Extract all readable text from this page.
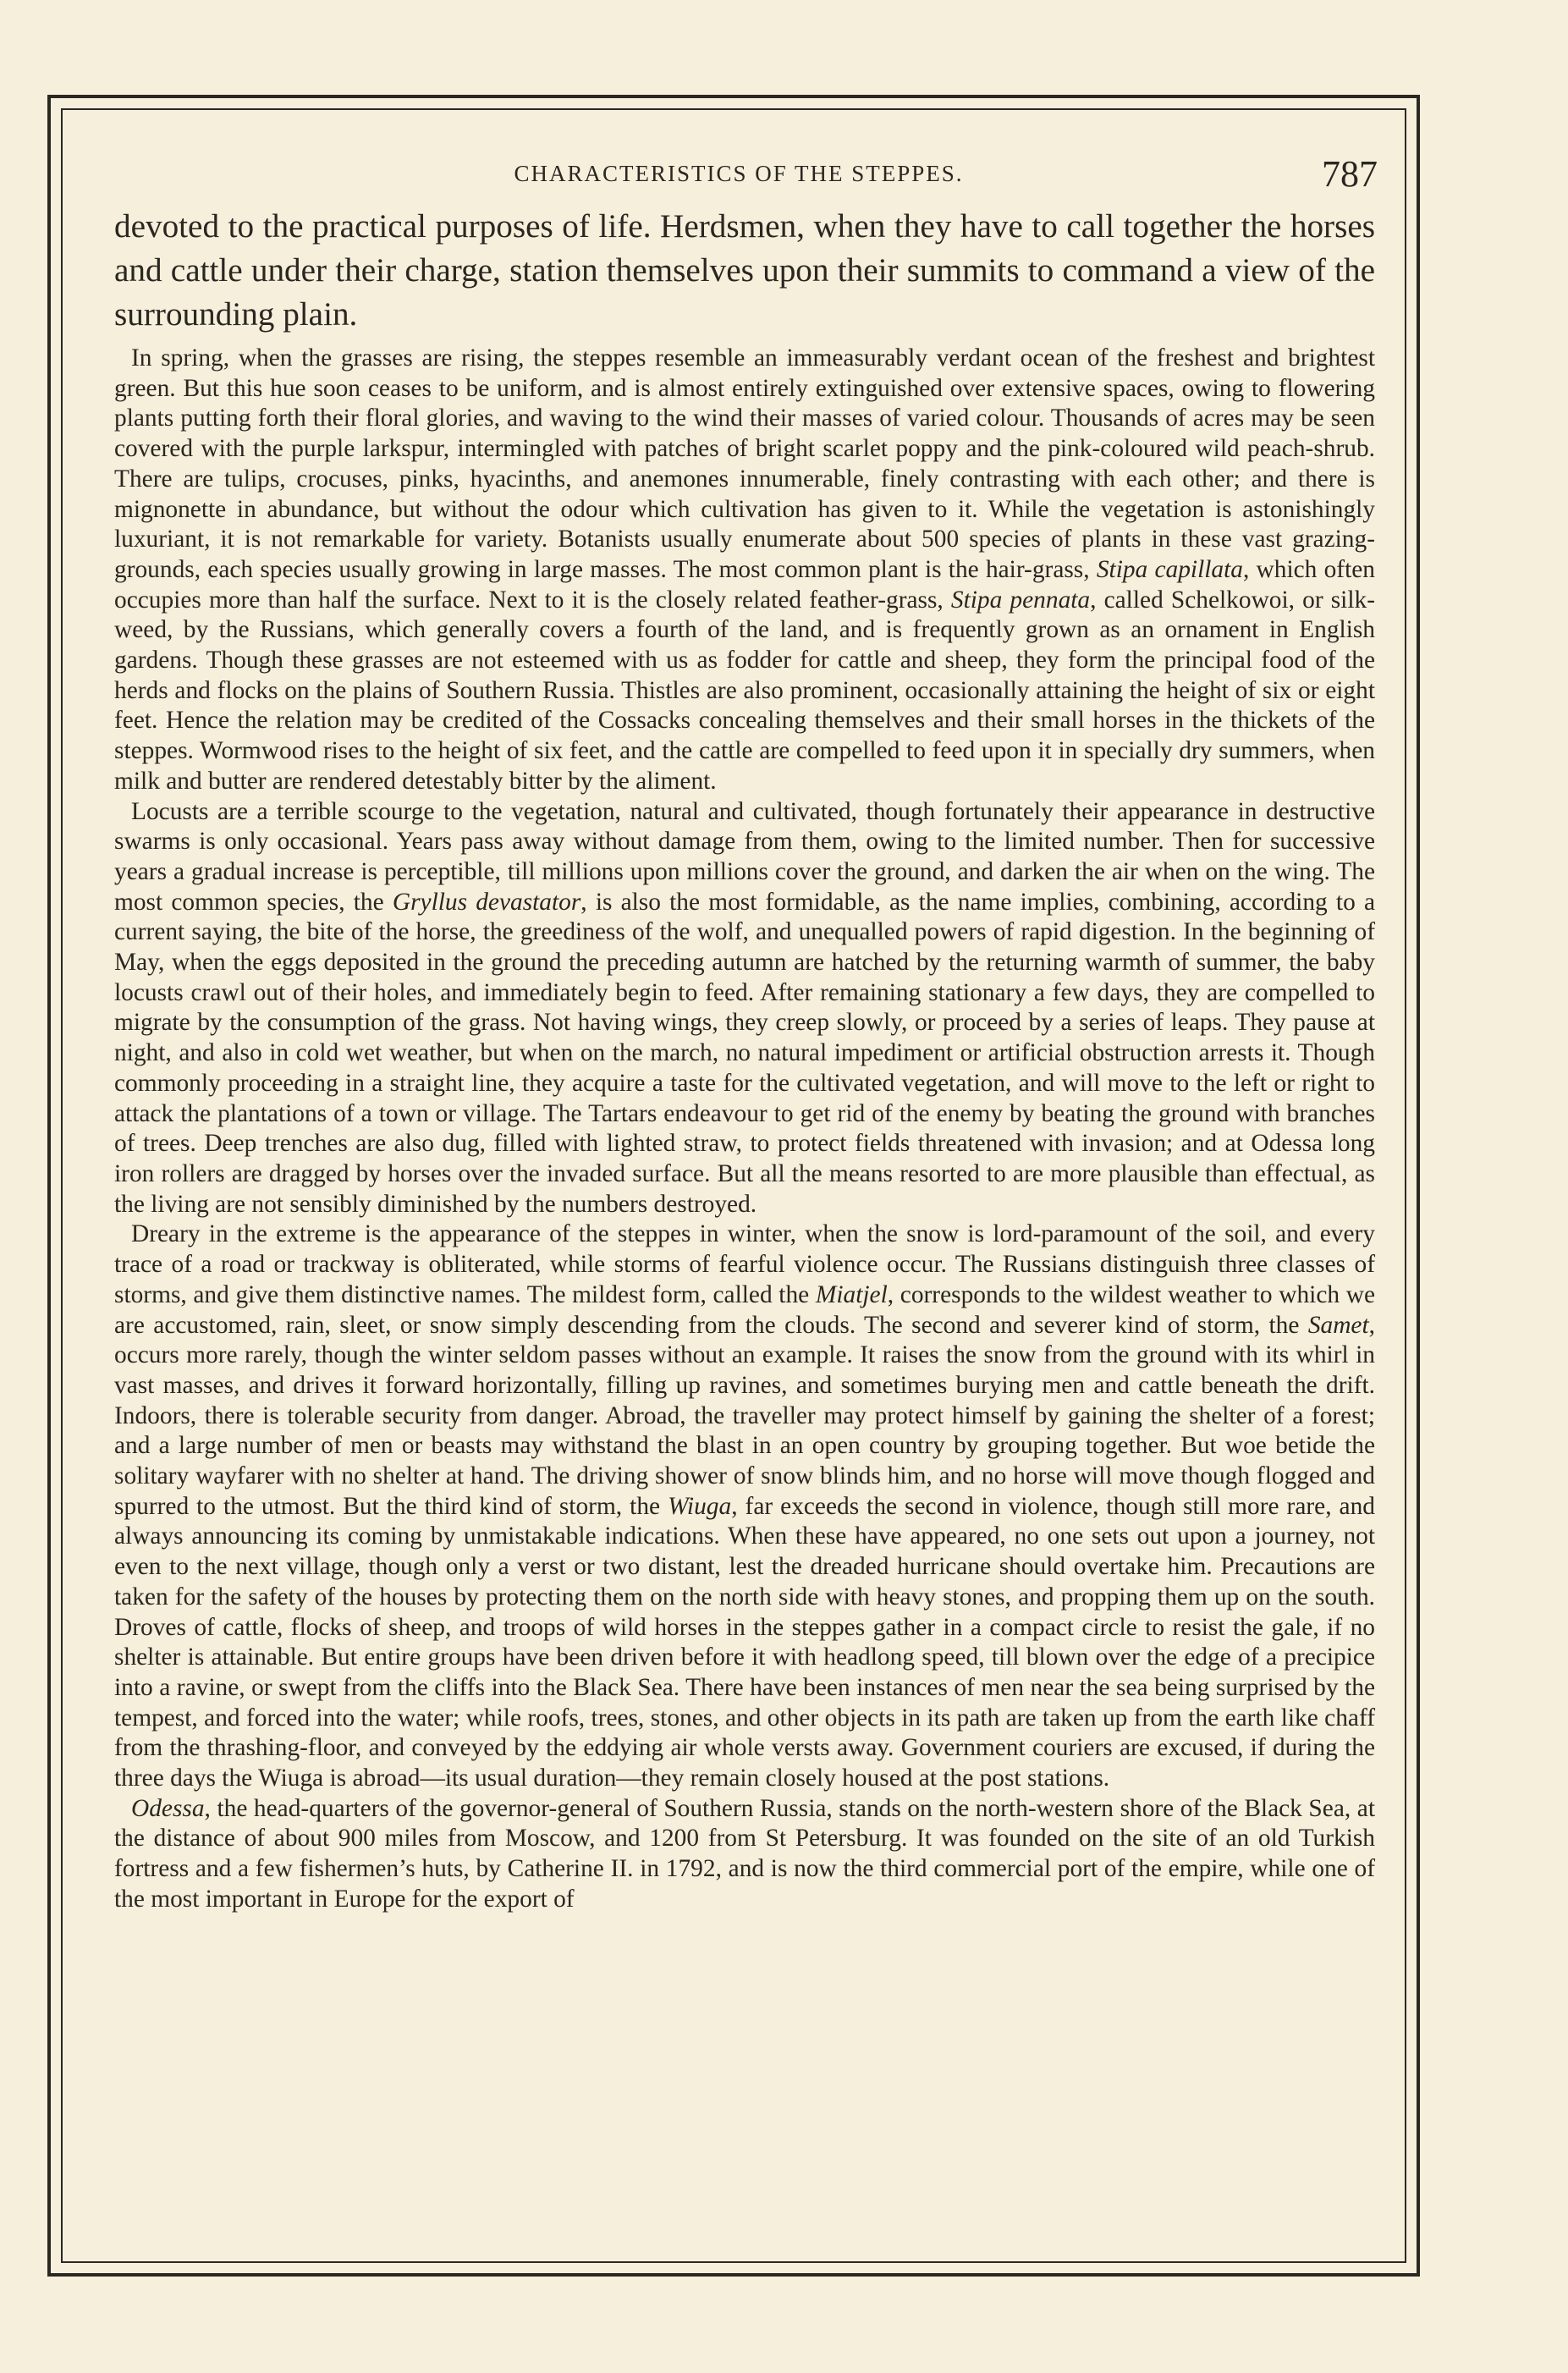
CHARACTERISTICS OF THE STEPPES.	787

devoted to the practical purposes of life. Herdsmen, when they have to call together the horses and cattle under their charge, station themselves upon their summits to command a view of the surrounding plain.

In spring, when the grasses are rising, the steppes resemble an immeasurably verdant ocean of the freshest and brightest green. But this hue soon ceases to be uniform, and is almost entirely extinguished over extensive spaces, owing to flowering plants putting forth their floral glories, and waving to the wind their masses of varied colour. Thousands of acres may be seen covered with the purple larkspur, intermingled with patches of bright scarlet poppy and the pink-coloured wild peach-shrub. There are tulips, crocuses, pinks, hyacinths, and anemones innumerable, finely contrasting with each other; and there is mignonette in abundance, but without the odour which cultivation has given to it. While the vegetation is astonishingly luxuriant, it is not remarkable for variety. Botanists usually enumerate about 500 species of plants in these vast grazing-grounds, each species usually growing in large masses. The most common plant is the hair-grass, Stipa capillata, which often occupies more than half the surface. Next to it is the closely related feather-grass, Stipa pennata, called Schelkowoi, or silk-weed, by the Russians, which generally covers a fourth of the land, and is frequently grown as an ornament in English gardens. Though these grasses are not esteemed with us as fodder for cattle and sheep, they form the principal food of the herds and flocks on the plains of Southern Russia. Thistles are also prominent, occasionally attaining the height of six or eight feet. Hence the relation may be credited of the Cossacks concealing themselves and their small horses in the thickets of the steppes. Wormwood rises to the height of six feet, and the cattle are compelled to feed upon it in specially dry summers, when milk and butter are rendered detestably bitter by the aliment.

Locusts are a terrible scourge to the vegetation, natural and cultivated, though fortunately their appearance in destructive swarms is only occasional. Years pass away without damage from them, owing to the limited number. Then for successive years a gradual increase is perceptible, till millions upon millions cover the ground, and darken the air when on the wing. The most common species, the Gryllus devastator, is also the most formidable, as the name implies, combining, according to a current saying, the bite of the horse, the greediness of the wolf, and unequalled powers of rapid digestion. In the beginning of May, when the eggs deposited in the ground the preceding autumn are hatched by the returning warmth of summer, the baby locusts crawl out of their holes, and immediately begin to feed. After remaining stationary a few days, they are compelled to migrate by the consumption of the grass. Not having wings, they creep slowly, or proceed by a series of leaps. They pause at night, and also in cold wet weather, but when on the march, no natural impediment or artificial obstruction arrests it. Though commonly proceeding in a straight line, they acquire a taste for the cultivated vegetation, and will move to the left or right to attack the plantations of a town or village. The Tartars endeavour to get rid of the enemy by beating the ground with branches of trees. Deep trenches are also dug, filled with lighted straw, to protect fields threatened with invasion; and at Odessa long iron rollers are dragged by horses over the invaded surface. But all the means resorted to are more plausible than effectual, as the living are not sensibly diminished by the numbers destroyed.

Dreary in the extreme is the appearance of the steppes in winter, when the snow is lord-paramount of the soil, and every trace of a road or trackway is obliterated, while storms of fearful violence occur. The Russians distinguish three classes of storms, and give them distinctive names. The mildest form, called the Miatjel, corresponds to the wildest weather to which we are accustomed, rain, sleet, or snow simply descending from the clouds. The second and severer kind of storm, the Samet, occurs more rarely, though the winter seldom passes without an example. It raises the snow from the ground with its whirl in vast masses, and drives it forward horizontally, filling up ravines, and sometimes burying men and cattle beneath the drift. Indoors, there is tolerable security from danger. Abroad, the traveller may protect himself by gaining the shelter of a forest; and a large number of men or beasts may withstand the blast in an open country by grouping together. But woe betide the solitary wayfarer with no shelter at hand. The driving shower of snow blinds him, and no horse will move though flogged and spurred to the utmost. But the third kind of storm, the Wiuga, far exceeds the second in violence, though still more rare, and always announcing its coming by unmistakable indications. When these have appeared, no one sets out upon a journey, not even to the next village, though only a verst or two distant, lest the dreaded hurricane should overtake him. Precautions are taken for the safety of the houses by protecting them on the north side with heavy stones, and propping them up on the south. Droves of cattle, flocks of sheep, and troops of wild horses in the steppes gather in a compact circle to resist the gale, if no shelter is attainable. But entire groups have been driven before it with headlong speed, till blown over the edge of a precipice into a ravine, or swept from the cliffs into the Black Sea. There have been instances of men near the sea being surprised by the tempest, and forced into the water; while roofs, trees, stones, and other objects in its path are taken up from the earth like chaff from the thrashing-floor, and conveyed by the eddying air whole versts away. Government couriers are excused, if during the three days the Wiuga is abroad—its usual duration—they remain closely housed at the post stations.

Odessa, the head-quarters of the governor-general of Southern Russia, stands on the north-western shore of the Black Sea, at the distance of about 900 miles from Moscow, and 1200 from St Petersburg. It was founded on the site of an old Turkish fortress and a few fishermen’s huts, by Catherine II. in 1792, and is now the third commercial port of the empire, while one of the most important in Europe for the export of
